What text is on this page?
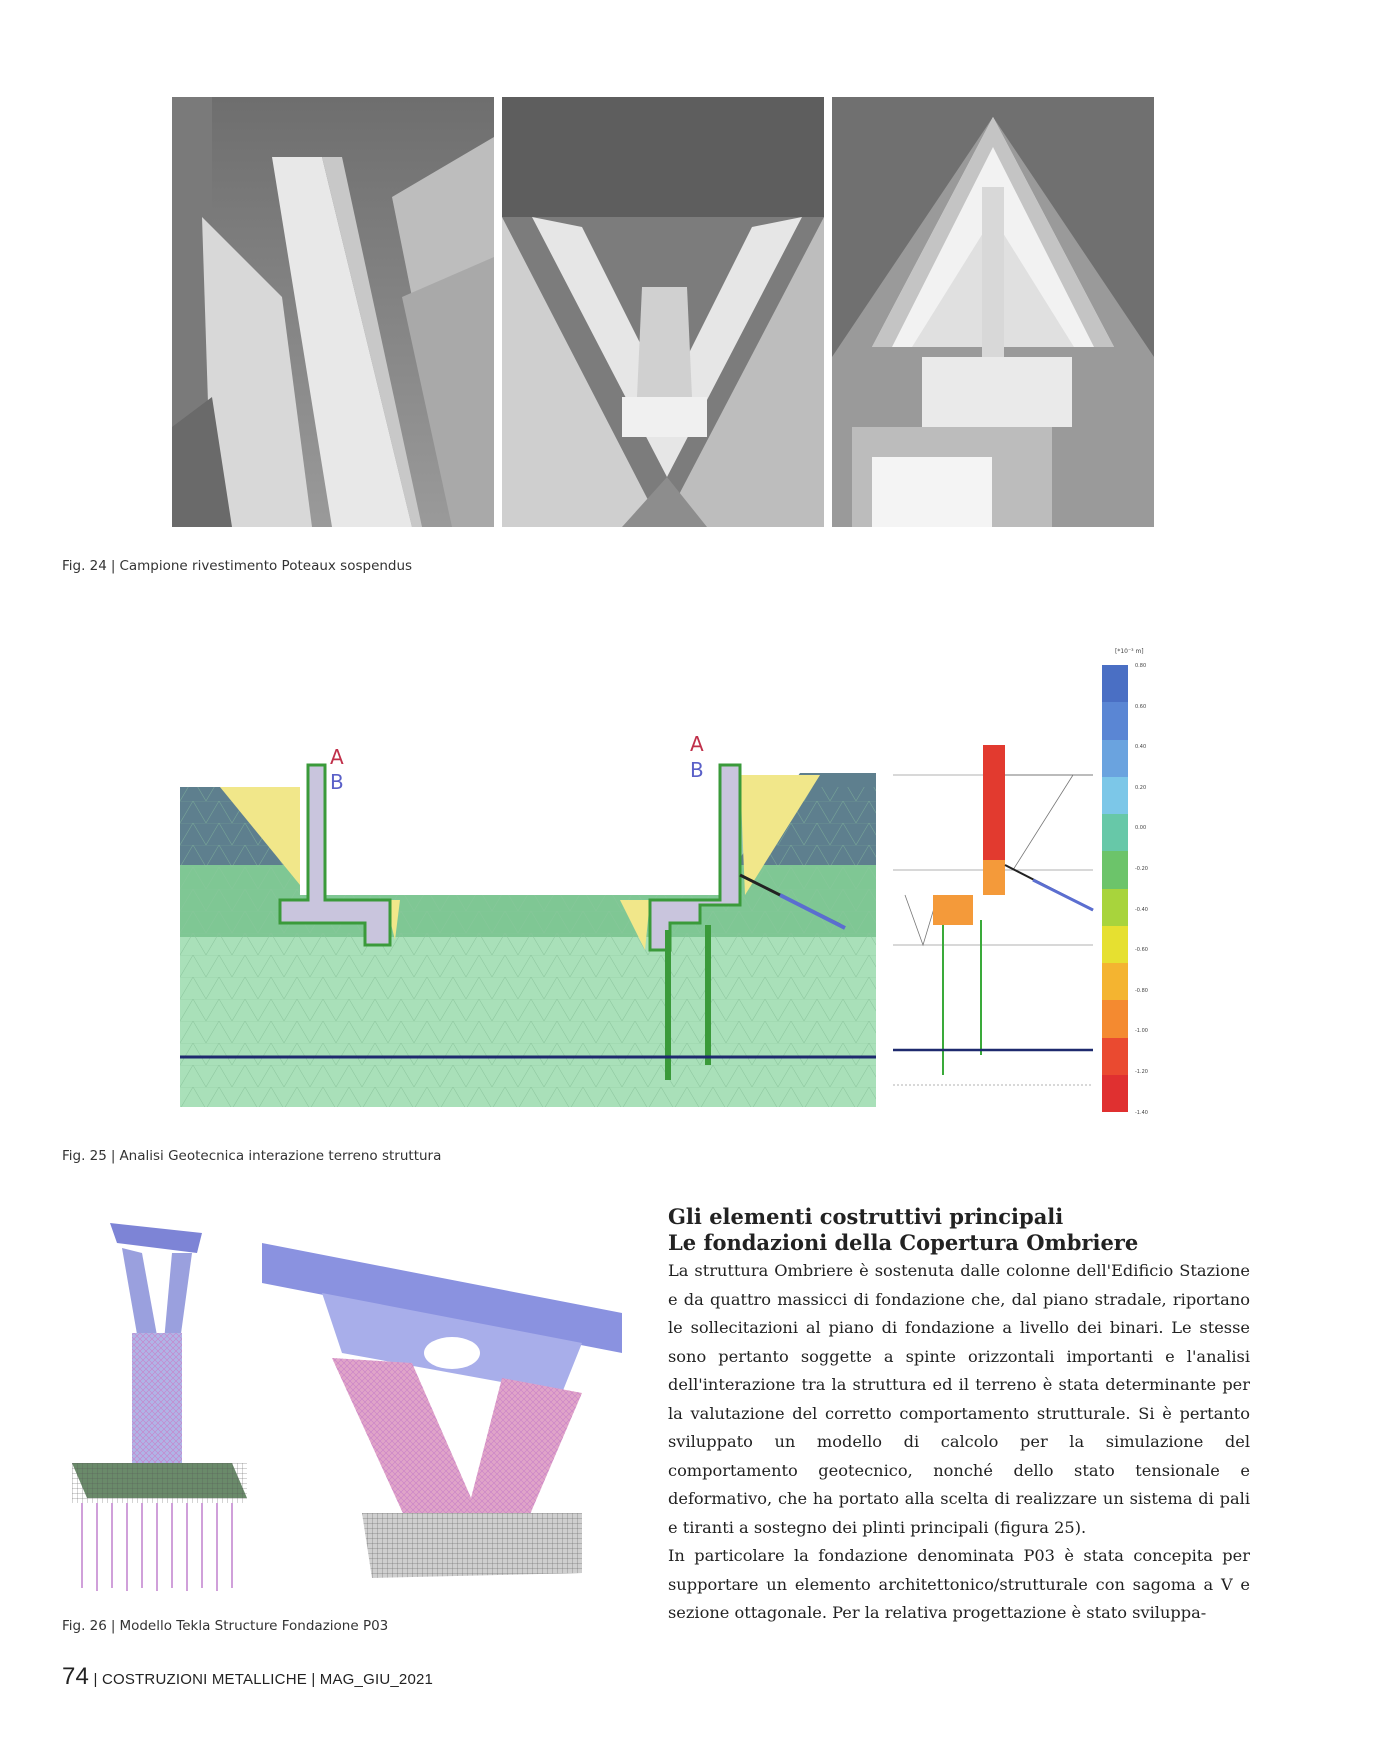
Fig. 24 | Campione rivestimento Poteaux sospendus
A
B
A
B
[*10⁻³ m]
0.80
0.60
0.40
0.20
0.00
-0.20
-0.40
-0.60
-0.80
-1.00
-1.20
-1.40
Fig. 25 | Analisi Geotecnica interazione terreno struttura
Fig. 26 | Modello Tekla Structure Fondazione P03
Gli elementi costruttivi principali
Le fondazioni della Copertura Ombriere

La struttura Ombriere è sostenuta dalle colonne dell'Edificio Stazione e da quattro massicci di fondazione che, dal piano stradale, riportano le sollecitazioni al piano di fondazione a livello dei binari. Le stesse sono pertanto soggette a spinte orizzontali importanti e l'analisi dell'interazione tra la struttura ed il terreno è stata determinante per la valutazione del corretto comportamento strutturale. Si è pertanto sviluppato un modello di calcolo per la simulazione del comportamento geotecnico, nonché dello stato tensionale e deformativo, che ha portato alla scelta di realizzare un sistema di pali e tiranti a sostegno dei plinti principali (figura 25).

In particolare la fondazione denominata P03 è stata concepita per supportare un elemento architettonico/strutturale con sagoma a V e sezione ottagonale. Per la relativa progettazione è stato sviluppa-

74 | COSTRUZIONI METALLICHE | MAG_GIU_2021
